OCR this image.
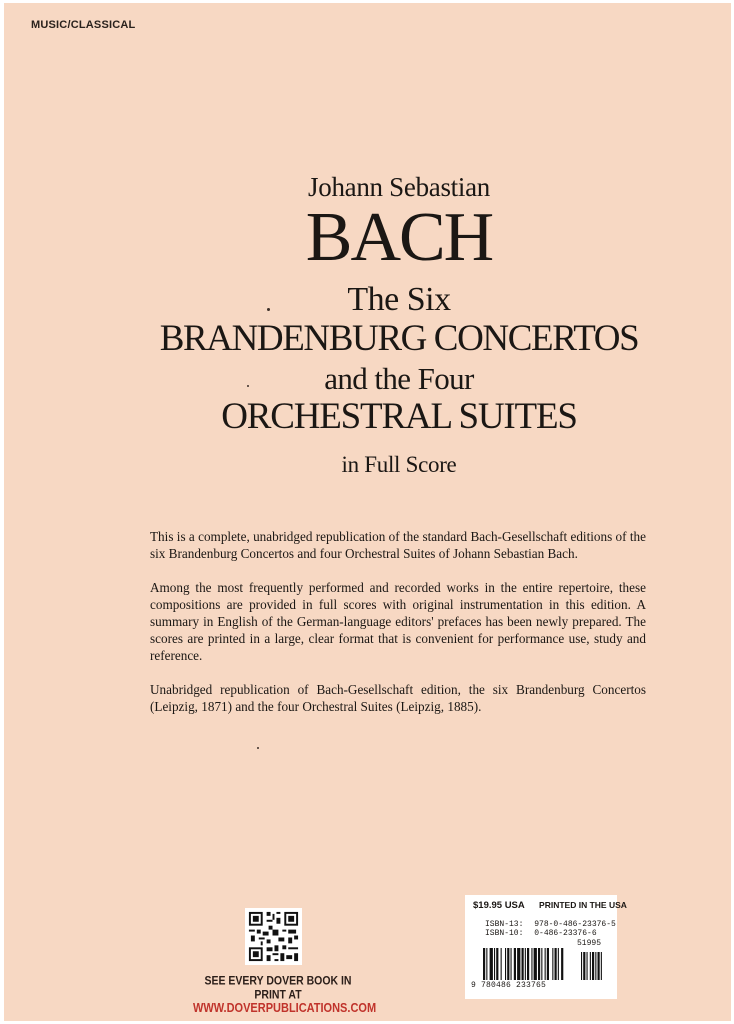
MUSIC/CLASSICAL
Johann Sebastian
BACH
The Six
BRANDENBURG CONCERTOS
and the Four
ORCHESTRAL SUITES
in Full Score

This is a complete, unabridged republication of the standard Bach-Gesellschaft editions of the six Brandenburg Concertos and four Orchestral Suites of Johann Sebastian Bach.

Among the most frequently performed and recorded works in the entire repertoire, these compositions are provided in full scores with original instrumentation in this edition. A summary in English of the German-language editors' prefaces has been newly prepared. The scores are printed in a large, clear format that is convenient for performance use, study and reference.

Unabridged republication of Bach-Gesellschaft edition, the six Brandenburg Concertos (Leipzig, 1871) and the four Orchestral Suites (Leipzig, 1885).

SEE EVERY DOVER BOOK IN PRINT AT
WWW.DOVERPUBLICATIONS.COM
$19.95 USA PRINTED IN THE USA
ISBN-13: 978-0-486-23376-5
ISBN-10: 0-486-23376-6
51995
9 780486 233765
